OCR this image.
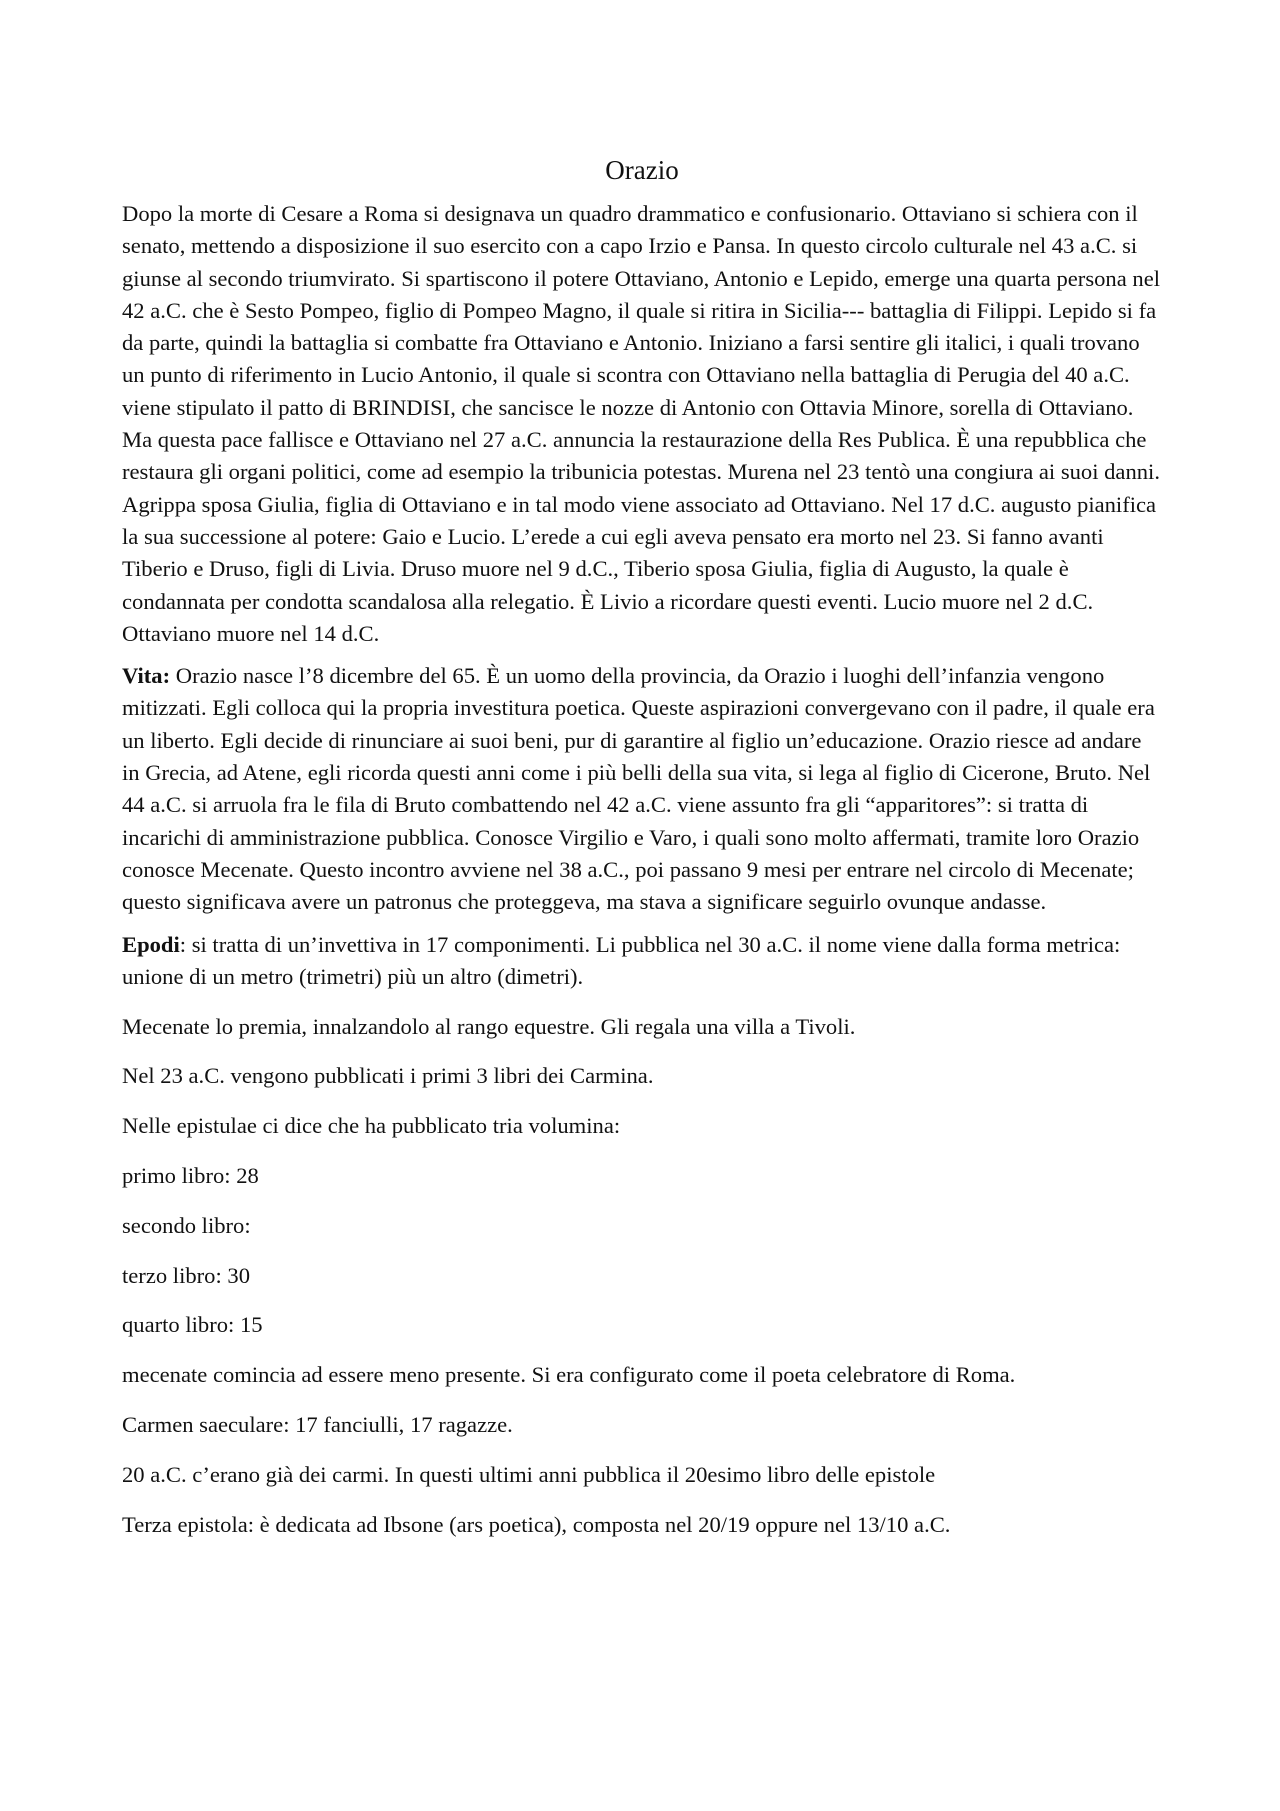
Orazio

Dopo la morte di Cesare a Roma si designava un quadro drammatico e confusionario. Ottaviano si schiera con il senato, mettendo a disposizione il suo esercito con a capo Irzio e Pansa. In questo circolo culturale nel 43 a.C. si giunse al secondo triumvirato. Si spartiscono il potere Ottaviano, Antonio e Lepido, emerge una quarta persona nel 42 a.C. che è Sesto Pompeo, figlio di Pompeo Magno, il quale si ritira in Sicilia--- battaglia di Filippi. Lepido si fa da parte, quindi la battaglia si combatte fra Ottaviano e Antonio. Iniziano a farsi sentire gli italici, i quali trovano un punto di riferimento in Lucio Antonio, il quale si scontra con Ottaviano nella battaglia di Perugia del 40 a.C. viene stipulato il patto di BRINDISI, che sancisce le nozze di Antonio con Ottavia Minore, sorella di Ottaviano. Ma questa pace fallisce e Ottaviano nel 27 a.C. annuncia la restaurazione della Res Publica. È una repubblica che restaura gli organi politici, come ad esempio la tribunicia potestas. Murena nel 23 tentò una congiura ai suoi danni. Agrippa sposa Giulia, figlia di Ottaviano e in tal modo viene associato ad Ottaviano. Nel 17 d.C. augusto pianifica la sua successione al potere: Gaio e Lucio. L’erede a cui egli aveva pensato era morto nel 23. Si fanno avanti Tiberio e Druso, figli di Livia. Druso muore nel 9 d.C., Tiberio sposa Giulia, figlia di Augusto, la quale è condannata per condotta scandalosa alla relegatio. È Livio a ricordare questi eventi. Lucio muore nel 2 d.C. Ottaviano muore nel 14 d.C.

Vita: Orazio nasce l’8 dicembre del 65. È un uomo della provincia, da Orazio i luoghi dell’infanzia vengono mitizzati. Egli colloca qui la propria investitura poetica. Queste aspirazioni convergevano con il padre, il quale era un liberto. Egli decide di rinunciare ai suoi beni, pur di garantire al figlio un’educazione. Orazio riesce ad andare in Grecia, ad Atene, egli ricorda questi anni come i più belli della sua vita, si lega al figlio di Cicerone, Bruto. Nel 44 a.C. si arruola fra le fila di Bruto combattendo nel 42 a.C. viene assunto fra gli “apparitores”: si tratta di incarichi di amministrazione pubblica. Conosce Virgilio e Varo, i quali sono molto affermati, tramite loro Orazio conosce Mecenate. Questo incontro avviene nel 38 a.C., poi passano 9 mesi per entrare nel circolo di Mecenate; questo significava avere un patronus che proteggeva, ma stava a significare seguirlo ovunque andasse.

Epodi: si tratta di un’invettiva in 17 componimenti. Li pubblica nel 30 a.C. il nome viene dalla forma metrica: unione di un metro (trimetri) più un altro (dimetri).

Mecenate lo premia, innalzandolo al rango equestre. Gli regala una villa a Tivoli.

Nel 23 a.C. vengono pubblicati i primi 3 libri dei Carmina.

Nelle epistulae ci dice che ha pubblicato tria volumina:

primo libro: 28

secondo libro:

terzo libro: 30

quarto libro: 15

mecenate comincia ad essere meno presente. Si era configurato come il poeta celebratore di Roma.

Carmen saeculare: 17 fanciulli, 17 ragazze.

20 a.C. c’erano già dei carmi. In questi ultimi anni pubblica il 20esimo libro delle epistole

Terza epistola: è dedicata ad Ibsone (ars poetica), composta nel 20/19 oppure nel 13/10 a.C.
